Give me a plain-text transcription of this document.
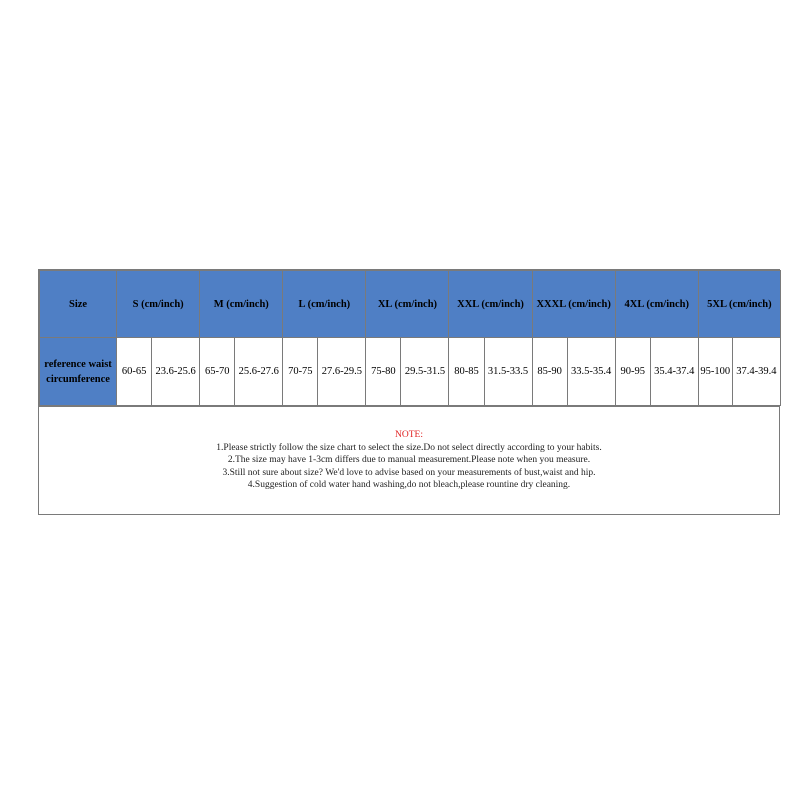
Size	S (cm/inch)		M (cm/inch)		L (cm/inch)		XL (cm/inch)		XXL (cm/inch)		XXXL (cm/inch)		4XL (cm/inch)		5XL (cm/inch)	
reference waist circumference	60-65	23.6-25.6	65-70	25.6-27.6	70-75	27.6-29.5	75-80	29.5-31.5	80-85	31.5-33.5	85-90	33.5-35.4	90-95	35.4-37.4	95-100	37.4-39.4
NOTE:
1.Please strictly follow the size chart to select the size.Do not select directly according to your habits.
2.The size may have 1-3cm differs due to manual measurement.Please note when you measure.
3.Still not sure about size? We'd love to advise based on your measurements of bust,waist and hip.
4.Suggestion of cold water hand washing,do not bleach,please rountine dry cleaning.
